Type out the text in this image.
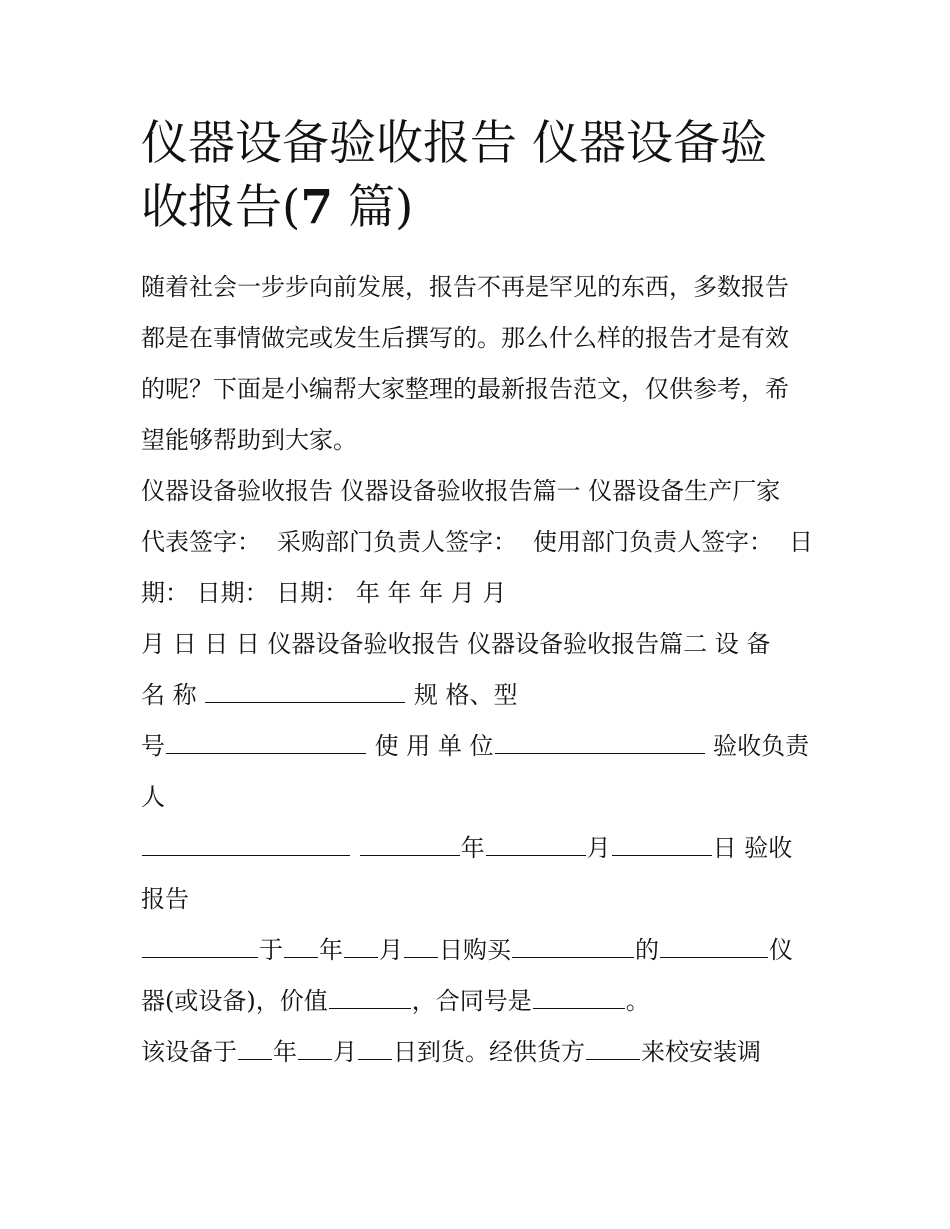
仪器设备验收报告 仪器设备验
收报告(7 篇)

随着社会一步步向前发展，报告不再是罕见的东西，多数报告
都是在事情做完或发生后撰写的。那么什么样的报告才是有效
的呢？下面是小编帮大家整理的最新报告范文，仅供参考，希
望能够帮助到大家。

仪器设备验收报告 仪器设备验收报告篇一 仪器设备生产厂家
代表签字： 采购部门负责人签字： 使用部门负责人签字： 日
期： 日期： 日期： 年 年 年 月 月
月 日 日 日 仪器设备验收报告 仪器设备验收报告篇二 设 备
名 称	规 格、型
号	使 用 单 位	验收负责
人
年	月	日 验收
报告

于 年 月 日购买	的	仪
器(或设备)，价值	，合同号是	。

该设备于 年 月 日到货。经供货方 来校安装调
